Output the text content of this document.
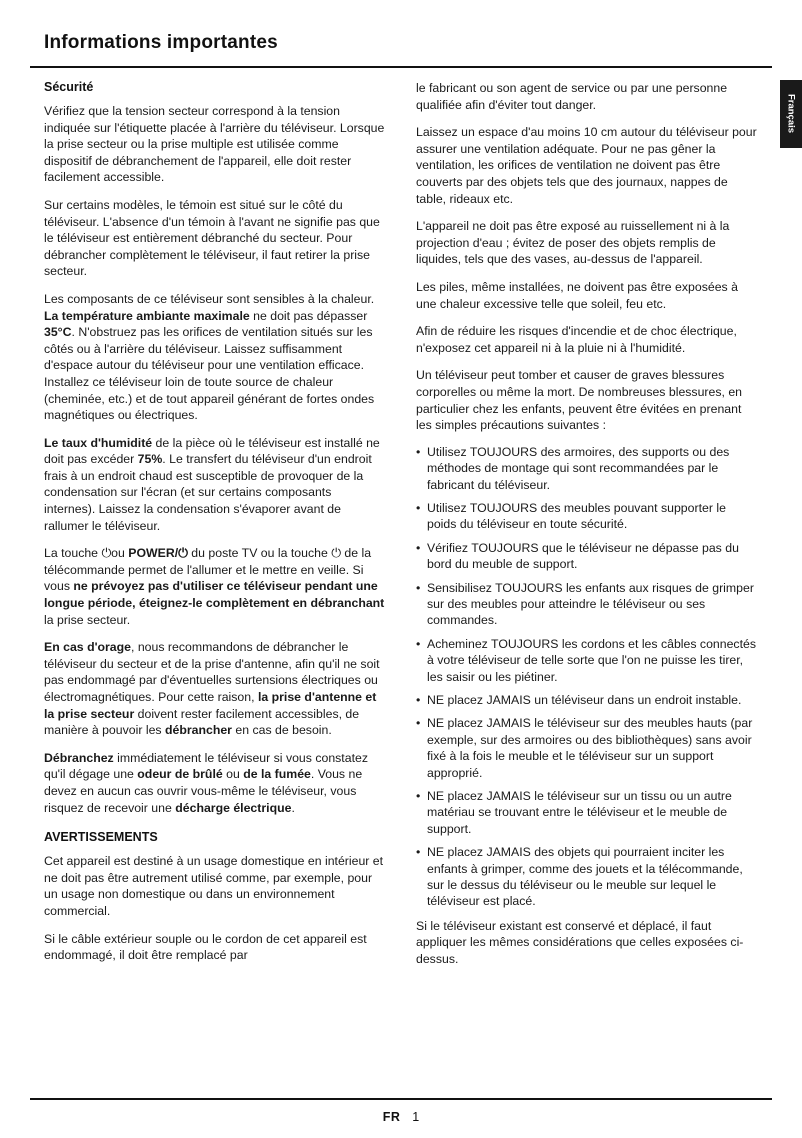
Informations importantes
Français
Sécurité

Vérifiez que la tension secteur correspond à la tension indiquée sur l'étiquette placée à l'arrière du téléviseur. Lorsque la prise secteur ou la prise multiple est utilisée comme dispositif de débranchement de l'appareil, elle doit rester facilement accessible.

Sur certains modèles, le témoin est situé sur le côté du téléviseur. L'absence d'un témoin à l'avant ne signifie pas que le téléviseur est entièrement débranché du secteur. Pour débrancher complètement le téléviseur, il faut retirer la prise secteur.

Les composants de ce téléviseur sont sensibles à la chaleur. La température ambiante maximale ne doit pas dépasser 35°C. N'obstruez pas les orifices de ventilation situés sur les côtés ou à l'arrière du téléviseur. Laissez suffisamment d'espace autour du téléviseur pour une ventilation efficace. Installez ce téléviseur loin de toute source de chaleur (cheminée, etc.) et de tout appareil générant de fortes ondes magnétiques ou électriques.

Le taux d'humidité de la pièce où le téléviseur est installé ne doit pas excéder 75%. Le transfert du téléviseur d'un endroit frais à un endroit chaud est susceptible de provoquer de la condensation sur l'écran (et sur certains composants internes). Laissez la condensation s'évaporer avant de rallumer le téléviseur.

La touche ⏻ou POWER/⏻ du poste TV ou la touche ⏻ de la télécommande permet de l'allumer et le mettre en veille. Si vous ne prévoyez pas d'utiliser ce téléviseur pendant une longue période, éteignez-le complètement en débranchant la prise secteur.

En cas d'orage, nous recommandons de débrancher le téléviseur du secteur et de la prise d'antenne, afin qu'il ne soit pas endommagé par d'éventuelles surtensions électriques ou électromagnétiques. Pour cette raison, la prise d'antenne et la prise secteur doivent rester facilement accessibles, de manière à pouvoir les débrancher en cas de besoin.

Débranchez immédiatement le téléviseur si vous constatez qu'il dégage une odeur de brûlé ou de la fumée. Vous ne devez en aucun cas ouvrir vous-même le téléviseur, vous risquez de recevoir une décharge électrique.

AVERTISSEMENTS

Cet appareil est destiné à un usage domestique en intérieur et ne doit pas être autrement utilisé comme, par exemple, pour un usage non domestique ou dans un environnement commercial.

Si le câble extérieur souple ou le cordon de cet appareil est endommagé, il doit être remplacé par

le fabricant ou son agent de service ou par une personne qualifiée afin d'éviter tout danger.

Laissez un espace d'au moins 10 cm autour du téléviseur pour assurer une ventilation adéquate. Pour ne pas gêner la ventilation, les orifices de ventilation ne doivent pas être couverts par des objets tels que des journaux, nappes de table, rideaux etc.

L'appareil ne doit pas être exposé au ruissellement ni à la projection d'eau ; évitez de poser des objets remplis de liquides, tels que des vases, au-dessus de l'appareil.

Les piles, même installées, ne doivent pas être exposées à une chaleur excessive telle que soleil, feu etc.

Afin de réduire les risques d'incendie et de choc électrique, n'exposez cet appareil ni à la pluie ni à l'humidité.

Un téléviseur peut tomber et causer de graves blessures corporelles ou même la mort. De nombreuses blessures, en particulier chez les enfants, peuvent être évitées en prenant les simples précautions suivantes :

• Utilisez TOUJOURS des armoires, des supports ou des méthodes de montage qui sont recommandées par le fabricant du téléviseur.
• Utilisez TOUJOURS des meubles pouvant supporter le poids du téléviseur en toute sécurité.
• Vérifiez TOUJOURS que le téléviseur ne dépasse pas du bord du meuble de support.
• Sensibilisez TOUJOURS les enfants aux risques de grimper sur des meubles pour atteindre le téléviseur ou ses commandes.
• Acheminez TOUJOURS les cordons et les câbles connectés à votre téléviseur de telle sorte que l'on ne puisse les tirer, les saisir ou les piétiner.
• NE placez JAMAIS un téléviseur dans un endroit instable.
• NE placez JAMAIS le téléviseur sur des meubles hauts (par exemple, sur des armoires ou des bibliothèques) sans avoir fixé à la fois le meuble et le téléviseur sur un support approprié.
• NE placez JAMAIS le téléviseur sur un tissu ou un autre matériau se trouvant entre le téléviseur et le meuble de support.
• NE placez JAMAIS des objets qui pourraient inciter les enfants à grimper, comme des jouets et la télécommande, sur le dessus du téléviseur ou le meuble sur lequel le téléviseur est placé.

Si le téléviseur existant est conservé et déplacé, il faut appliquer les mêmes considérations que celles exposées ci-dessus.

FR 1
